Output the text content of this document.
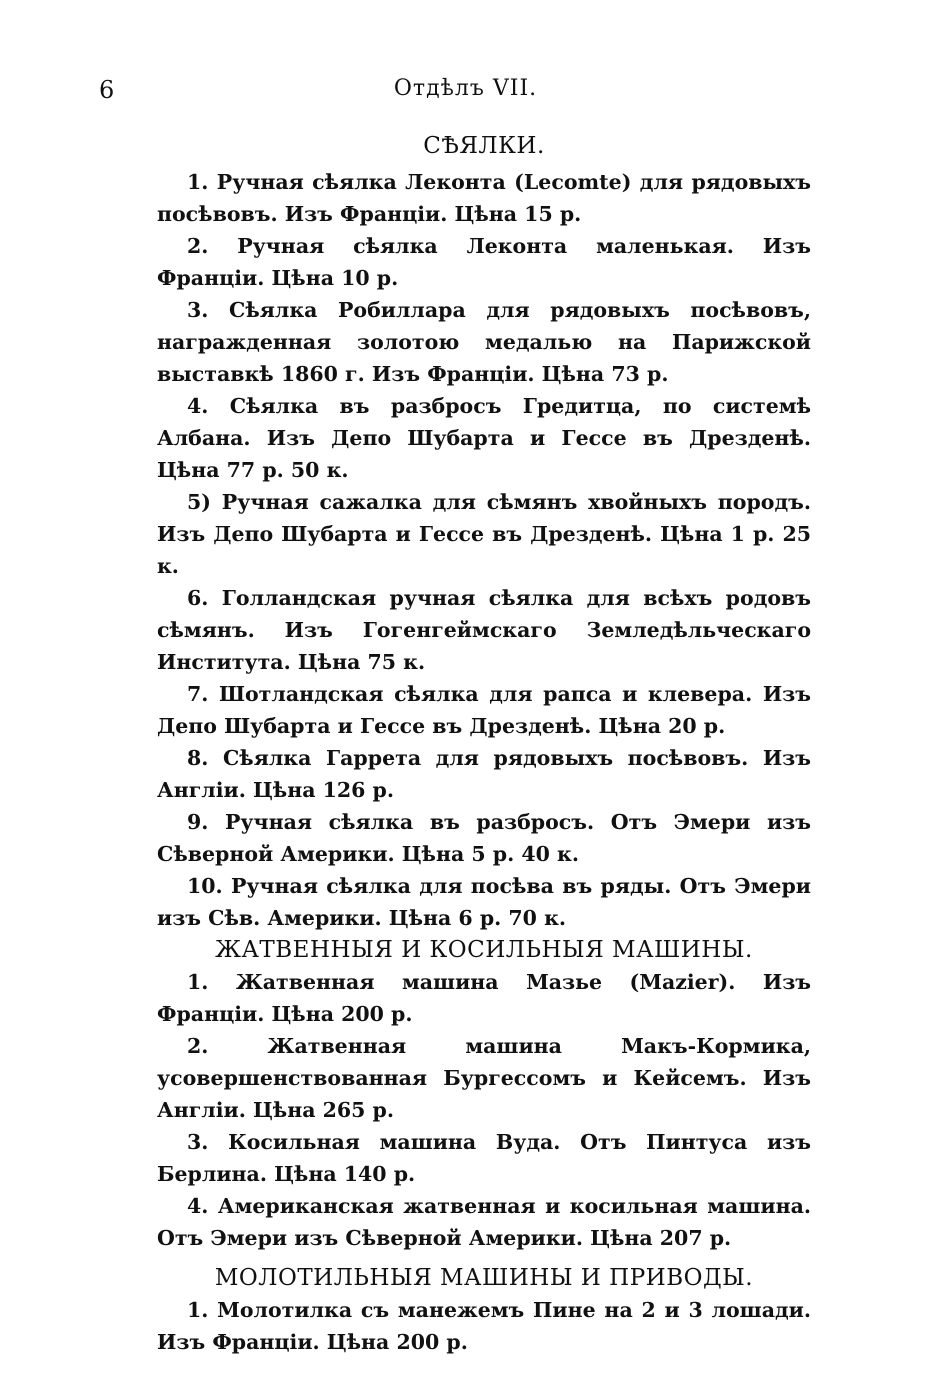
6	Отдѣлъ VII.
СѢЯЛКИ.

1. Ручная сѣялка Леконта (Lecomte) для рядовыхъ посѣвовъ. Изъ Франціи. Цѣна 15 р.

2. Ручная сѣялка Леконта маленькая. Изъ Франціи. Цѣна 10 р.

3. Сѣялка Робиллара для рядовыхъ посѣвовъ, награжденная золотою медалью на Парижской выставкѣ 1860 г. Изъ Франціи. Цѣна 73 р.

4. Сѣялка въ разбросъ Гредитца, по системѣ Албана. Изъ Депо Шубарта и Гессе въ Дрезденѣ. Цѣна 77 р. 50 к.

5) Ручная сажалка для сѣмянъ хвойныхъ породъ. Изъ Депо Шубарта и Гессе въ Дрезденѣ. Цѣна 1 р. 25 к.

6. Голландская ручная сѣялка для всѣхъ родовъ сѣмянъ. Изъ Гогенгеймскаго Земледѣльческаго Института. Цѣна 75 к.

7. Шотландская сѣялка для рапса и клевера. Изъ Депо Шубарта и Гессе въ Дрезденѣ. Цѣна 20 р.

8. Сѣялка Гаррета для рядовыхъ посѣвовъ. Изъ Англіи. Цѣна 126 р.

9. Ручная сѣялка въ разбросъ. Отъ Эмери изъ Сѣверной Америки. Цѣна 5 р. 40 к.

10. Ручная сѣялка для посѣва въ ряды. Отъ Эмери изъ Сѣв. Америки. Цѣна 6 р. 70 к.

ЖАТВЕННЫЯ И КОСИЛЬНЫЯ МАШИНЫ.

1. Жатвенная машина Мазье (Mazier). Изъ Франціи. Цѣна 200 р.

2. Жатвенная машина Макъ-Кормика, усовершенствованная Бургессомъ и Кейсемъ. Изъ Англіи. Цѣна 265 р.

3. Косильная машина Вуда. Отъ Пинтуса изъ Берлина. Цѣна 140 р.

4. Американская жатвенная и косильная машина. Отъ Эмери изъ Сѣверной Америки. Цѣна 207 р.

МОЛОТИЛЬНЫЯ МАШИНЫ И ПРИВОДЫ.

1. Молотилка съ манежемъ Пине на 2 и 3 лошади. Изъ Франціи. Цѣна 200 р.
